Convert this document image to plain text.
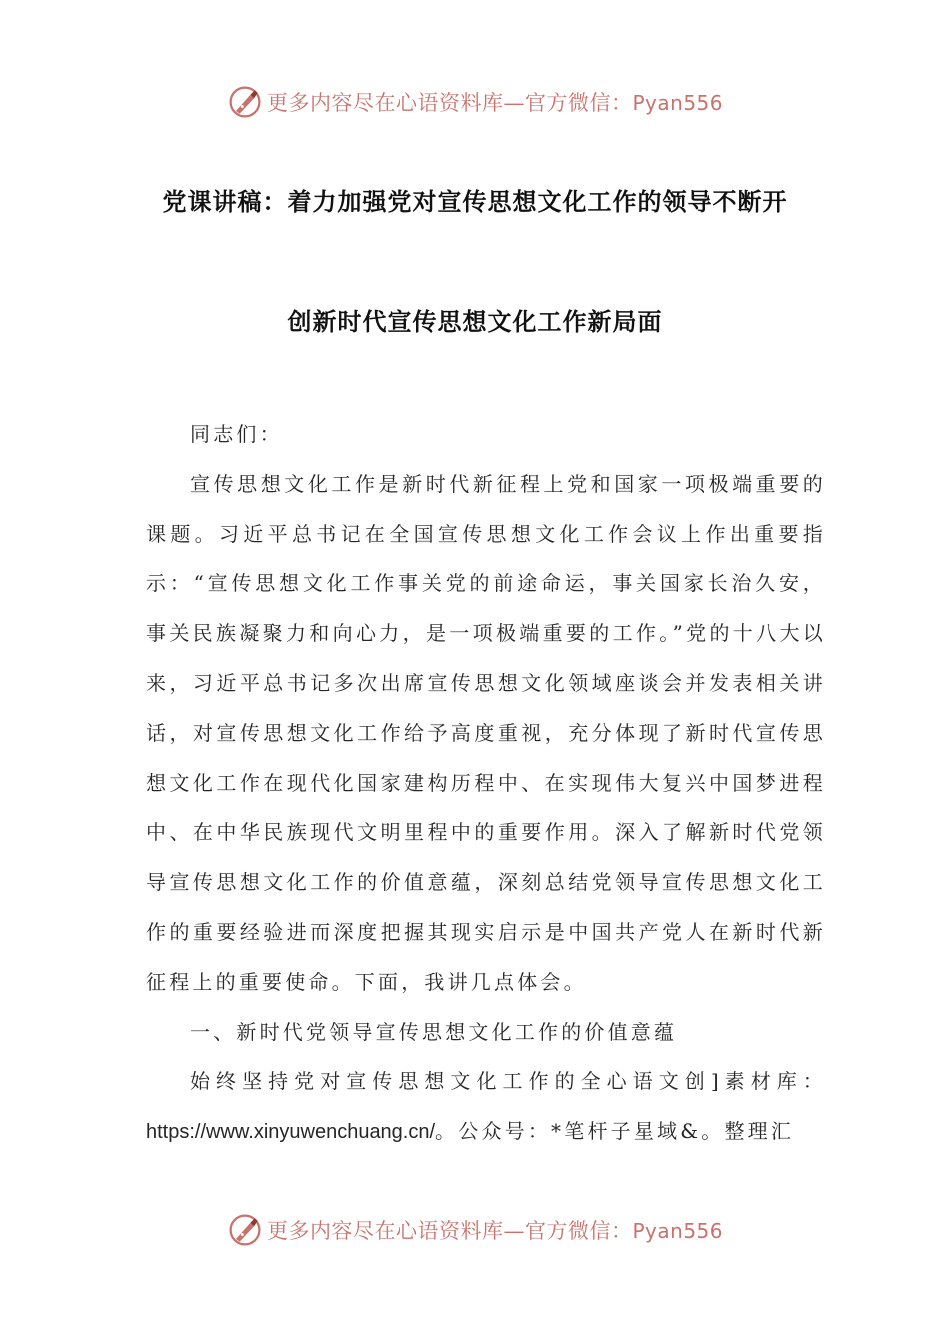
更多内容尽在心语资料库—官方微信：Pyan556
党课讲稿：着力加强党对宣传思想文化工作的领导不断开
创新时代宣传思想文化工作新局面

同志们：

宣传思想文化工作是新时代新征程上党和国家一项极端重要的课题。习近平总书记在全国宣传思想文化工作会议上作出重要指示：“宣传思想文化工作事关党的前途命运，事关国家长治久安，事关民族凝聚力和向心力，是一项极端重要的工作。”党的十八大以来，习近平总书记多次出席宣传思想文化领域座谈会并发表相关讲话，对宣传思想文化工作给予高度重视，充分体现了新时代宣传思想文化工作在现代化国家建构历程中、在实现伟大复兴中国梦进程中、在中华民族现代文明里程中的重要作用。深入了解新时代党领导宣传思想文化工作的价值意蕴，深刻总结党领导宣传思想文化工作的重要经验进而深度把握其现实启示是中国共产党人在新时代新征程上的重要使命。下面，我讲几点体会。

一、新时代党领导宣传思想文化工作的价值意蕴

始终坚持党对宣传思想文化工作的全心语文创]素材库：https://www.xinyuwenchuang.cn/。公众号：*笔杆子星域&。整理汇

更多内容尽在心语资料库—官方微信：Pyan556
